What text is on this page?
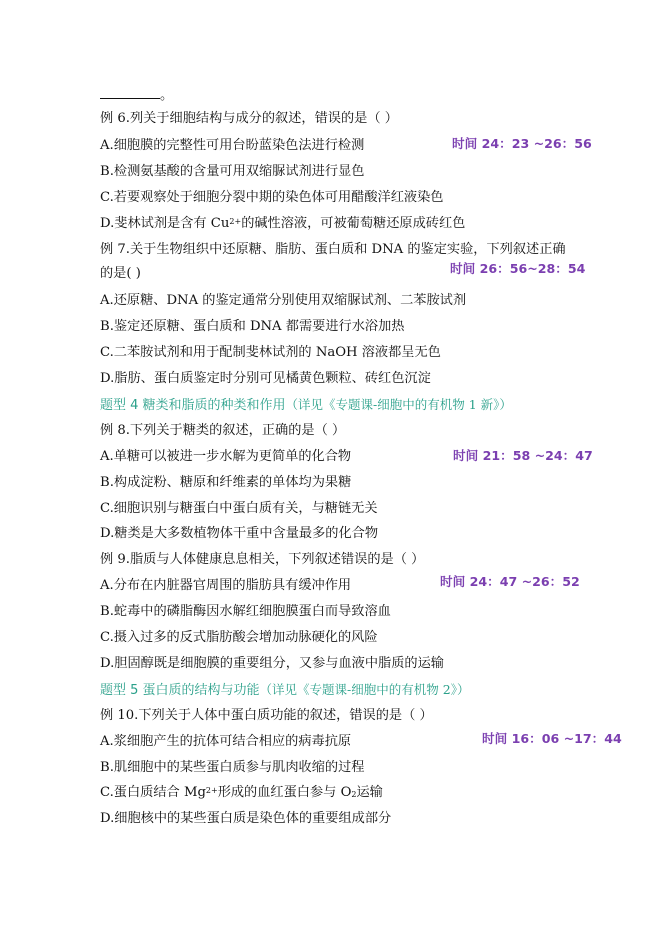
。
例 6.列关于细胞结构与成分的叙述，错误的是（ ）
时间 24：23 ~26：56
A.细胞膜的完整性可用台盼蓝染色法进行检测
B.检测氨基酸的含量可用双缩脲试剂进行显色
C.若要观察处于细胞分裂中期的染色体可用醋酸洋红液染色
D.斐林试剂是含有 $Cu^{2+}$的碱性溶液，可被葡萄糖还原成砖红色
例 7.关于生物组织中还原糖、脂肪、蛋白质和 DNA 的鉴定实验，下列叙述正确
的是( )	时间 26：56~28：54
A.还原糖、DNA 的鉴定通常分别使用双缩脲试剂、二苯胺试剂
B.鉴定还原糖、蛋白质和 DNA 都需要进行水浴加热
C.二苯胺试剂和用于配制斐林试剂的 NaOH 溶液都呈无色
D.脂肪、蛋白质鉴定时分别可见橘黄色颗粒、砖红色沉淀
题型 4 糖类和脂质的种类和作用（详见《专题课-细胞中的有机物 1 新》）
例 8.下列关于糖类的叙述，正确的是（ ）
时间 21：58 ~24：47
A.单糖可以被进一步水解为更简单的化合物
B.构成淀粉、糖原和纤维素的单体均为果糖
C.细胞识别与糖蛋白中蛋白质有关，与糖链无关
D.糖类是大多数植物体干重中含量最多的化合物
例 9.脂质与人体健康息息相关，下列叙述错误的是（ ）
时间 24：47 ~26：52
A.分布在内脏器官周围的脂肪具有缓冲作用
B.蛇毒中的磷脂酶因水解红细胞膜蛋白而导致溶血
C.摄入过多的反式脂肪酸会增加动脉硬化的风险
D.胆固醇既是细胞膜的重要组分，又参与血液中脂质的运输
题型 5 蛋白质的结构与功能（详见《专题课-细胞中的有机物 2》）
例 10.下列关于人体中蛋白质功能的叙述，错误的是（ ）
时间 16：06 ~17：44
A.浆细胞产生的抗体可结合相应的病毒抗原
B.肌细胞中的某些蛋白质参与肌肉收缩的过程
C.蛋白质结合 $Mg^{2+}$形成的血红蛋白参与 $O_2$运输
D.细胞核中的某些蛋白质是染色体的重要组成部分
